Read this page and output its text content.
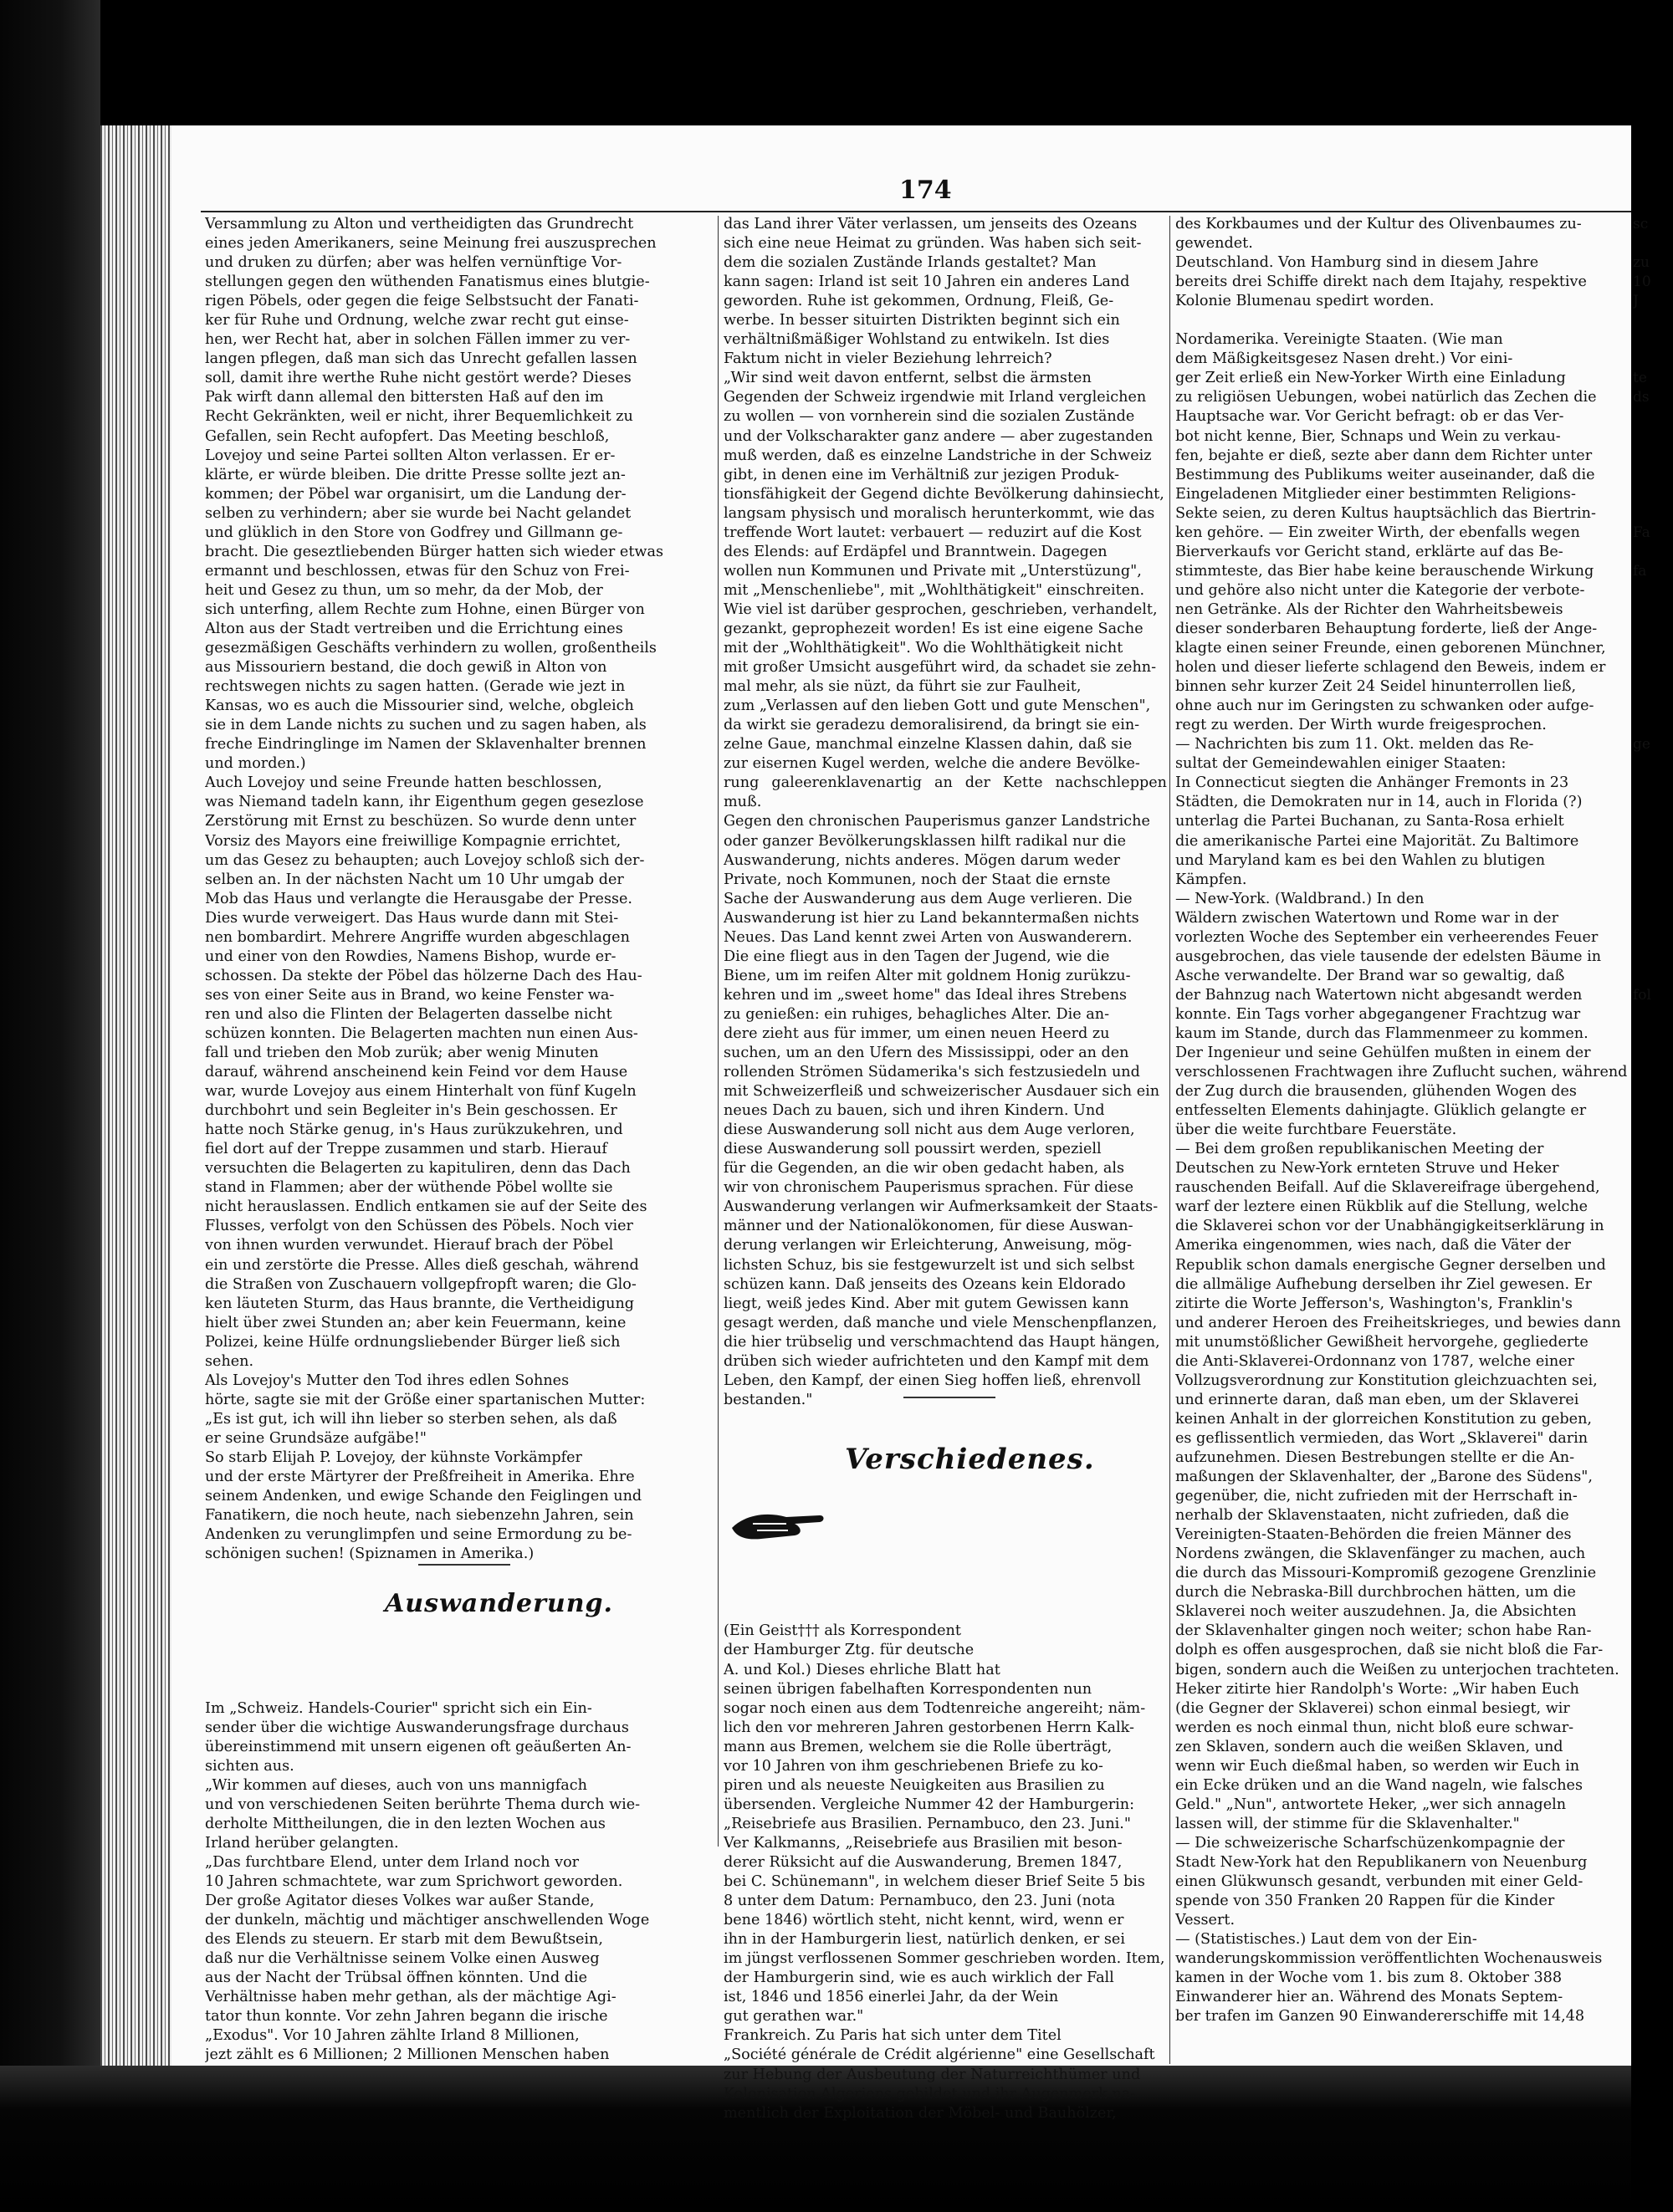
174

Versammlung zu Alton und vertheidigten das Grundrecht
eines jeden Amerikaners, seine Meinung frei auszusprechen
und druken zu dürfen; aber was helfen vernünftige Vor-
stellungen gegen den wüthenden Fanatismus eines blutgie-
rigen Pöbels, oder gegen die feige Selbstsucht der Fanati-
ker für Ruhe und Ordnung, welche zwar recht gut einse-
hen, wer Recht hat, aber in solchen Fällen immer zu ver-
langen pflegen, daß man sich das Unrecht gefallen lassen
soll, damit ihre werthe Ruhe nicht gestört werde? Dieses
Pak wirft dann allemal den bittersten Haß auf den im
Recht Gekränkten, weil er nicht, ihrer Bequemlichkeit zu
Gefallen, sein Recht aufopfert. Das Meeting beschloß,
Lovejoy und seine Partei sollten Alton verlassen. Er er-
klärte, er würde bleiben. Die dritte Presse sollte jezt an-
kommen; der Pöbel war organisirt, um die Landung der-
selben zu verhindern; aber sie wurde bei Nacht gelandet
und glüklich in den Store von Godfrey und Gillmann ge-
bracht. Die geseztliebenden Bürger hatten sich wieder etwas
ermannt und beschlossen, etwas für den Schuz von Frei-
heit und Gesez zu thun, um so mehr, da der Mob, der
sich unterfing, allem Rechte zum Hohne, einen Bürger von
Alton aus der Stadt vertreiben und die Errichtung eines
gesezmäßigen Geschäfts verhindern zu wollen, großentheils
aus Missouriern bestand, die doch gewiß in Alton von
rechtswegen nichts zu sagen hatten. (Gerade wie jezt in
Kansas, wo es auch die Missourier sind, welche, obgleich
sie in dem Lande nichts zu suchen und zu sagen haben, als
freche Eindringlinge im Namen der Sklavenhalter brennen
und morden.)
Auch Lovejoy und seine Freunde hatten beschlossen,
was Niemand tadeln kann, ihr Eigenthum gegen gesezlose
Zerstörung mit Ernst zu beschüzen. So wurde denn unter
Vorsiz des Mayors eine freiwillige Kompagnie errichtet,
um das Gesez zu behaupten; auch Lovejoy schloß sich der-
selben an. In der nächsten Nacht um 10 Uhr umgab der
Mob das Haus und verlangte die Herausgabe der Presse.
Dies wurde verweigert. Das Haus wurde dann mit Stei-
nen bombardirt. Mehrere Angriffe wurden abgeschlagen
und einer von den Rowdies, Namens Bishop, wurde er-
schossen. Da stekte der Pöbel das hölzerne Dach des Hau-
ses von einer Seite aus in Brand, wo keine Fenster wa-
ren und also die Flinten der Belagerten dasselbe nicht
schüzen konnten. Die Belagerten machten nun einen Aus-
fall und trieben den Mob zurük; aber wenig Minuten
darauf, während anscheinend kein Feind vor dem Hause
war, wurde Lovejoy aus einem Hinterhalt von fünf Kugeln
durchbohrt und sein Begleiter in's Bein geschossen. Er
hatte noch Stärke genug, in's Haus zurükzukehren, und
fiel dort auf der Treppe zusammen und starb. Hierauf
versuchten die Belagerten zu kapituliren, denn das Dach
stand in Flammen; aber der wüthende Pöbel wollte sie
nicht herauslassen. Endlich entkamen sie auf der Seite des
Flusses, verfolgt von den Schüssen des Pöbels. Noch vier
von ihnen wurden verwundet. Hierauf brach der Pöbel
ein und zerstörte die Presse. Alles dieß geschah, während
die Straßen von Zuschauern vollgepfropft waren; die Glo-
ken läuteten Sturm, das Haus brannte, die Vertheidigung
hielt über zwei Stunden an; aber kein Feuermann, keine
Polizei, keine Hülfe ordnungsliebender Bürger ließ sich
sehen.
Als Lovejoy's Mutter den Tod ihres edlen Sohnes
hörte, sagte sie mit der Größe einer spartanischen Mutter:
„Es ist gut, ich will ihn lieber so sterben sehen, als daß
er seine Grundsäze aufgäbe!"
So starb Elijah P. Lovejoy, der kühnste Vorkämpfer
und der erste Märtyrer der Preßfreiheit in Amerika. Ehre
seinem Andenken, und ewige Schande den Feiglingen und
Fanatikern, die noch heute, nach siebenzehn Jahren, sein
Andenken zu verunglimpfen und seine Ermordung zu be-
schönigen suchen! (Spiznamen in Amerika.)

Im „Schweiz. Handels-Courier" spricht sich ein Ein-
sender über die wichtige Auswanderungsfrage durchaus
übereinstimmend mit unsern eigenen oft geäußerten An-
sichten aus.
„Wir kommen auf dieses, auch von uns mannigfach
und von verschiedenen Seiten berührte Thema durch wie-
derholte Mittheilungen, die in den lezten Wochen aus
Irland herüber gelangten.
„Das furchtbare Elend, unter dem Irland noch vor
10 Jahren schmachtete, war zum Sprichwort geworden.
Der große Agitator dieses Volkes war außer Stande,
der dunkeln, mächtig und mächtiger anschwellenden Woge
des Elends zu steuern. Er starb mit dem Bewußtsein,
daß nur die Verhältnisse seinem Volke einen Ausweg
aus der Nacht der Trübsal öffnen könnten. Und die
Verhältnisse haben mehr gethan, als der mächtige Agi-
tator thun konnte. Vor zehn Jahren begann die irische
„Exodus". Vor 10 Jahren zählte Irland 8 Millionen,
jezt zählt es 6 Millionen; 2 Millionen Menschen haben

das Land ihrer Väter verlassen, um jenseits des Ozeans
sich eine neue Heimat zu gründen. Was haben sich seit-
dem die sozialen Zustände Irlands gestaltet? Man
kann sagen: Irland ist seit 10 Jahren ein anderes Land
geworden. Ruhe ist gekommen, Ordnung, Fleiß, Ge-
werbe. In besser situirten Distrikten beginnt sich ein
verhältnißmäßiger Wohlstand zu entwikeln. Ist dies
Faktum nicht in vieler Beziehung lehrreich?
„Wir sind weit davon entfernt, selbst die ärmsten
Gegenden der Schweiz irgendwie mit Irland vergleichen
zu wollen — von vornherein sind die sozialen Zustände
und der Volkscharakter ganz andere — aber zugestanden
muß werden, daß es einzelne Landstriche in der Schweiz
gibt, in denen eine im Verhältniß zur jezigen Produk-
tionsfähigkeit der Gegend dichte Bevölkerung dahinsiecht,
langsam physisch und moralisch herunterkommt, wie das
treffende Wort lautet: verbauert — reduzirt auf die Kost
des Elends: auf Erdäpfel und Branntwein. Dagegen
wollen nun Kommunen und Private mit „Unterstüzung",
mit „Menschenliebe", mit „Wohlthätigkeit" einschreiten.
Wie viel ist darüber gesprochen, geschrieben, verhandelt,
gezankt, geprophezeit worden! Es ist eine eigene Sache
mit der „Wohlthätigkeit". Wo die Wohlthätigkeit nicht
mit großer Umsicht ausgeführt wird, da schadet sie zehn-
mal mehr, als sie nüzt, da führt sie zur Faulheit,
zum „Verlassen auf den lieben Gott und gute Menschen",
da wirkt sie geradezu demoralisirend, da bringt sie ein-
zelne Gaue, manchmal einzelne Klassen dahin, daß sie
zur eisernen Kugel werden, welche die andere Bevölke-
rung galeerenklavenartig an der Kette nachschleppen muß.
Gegen den chronischen Pauperismus ganzer Landstriche
oder ganzer Bevölkerungsklassen hilft radikal nur die
Auswanderung, nichts anderes. Mögen darum weder
Private, noch Kommunen, noch der Staat die ernste
Sache der Auswanderung aus dem Auge verlieren. Die
Auswanderung ist hier zu Land bekanntermaßen nichts
Neues. Das Land kennt zwei Arten von Auswanderern.
Die eine fliegt aus in den Tagen der Jugend, wie die
Biene, um im reifen Alter mit goldnem Honig zurükzu-
kehren und im „sweet home" das Ideal ihres Strebens
zu genießen: ein ruhiges, behagliches Alter. Die an-
dere zieht aus für immer, um einen neuen Heerd zu
suchen, um an den Ufern des Mississippi, oder an den
rollenden Strömen Südamerika's sich festzusiedeln und
mit Schweizerfleiß und schweizerischer Ausdauer sich ein
neues Dach zu bauen, sich und ihren Kindern. Und
diese Auswanderung soll nicht aus dem Auge verloren,
diese Auswanderung soll poussirt werden, speziell
für die Gegenden, an die wir oben gedacht haben, als
wir von chronischem Pauperismus sprachen. Für diese
Auswanderung verlangen wir Aufmerksamkeit der Staats-
männer und der Nationalökonomen, für diese Auswan-
derung verlangen wir Erleichterung, Anweisung, mög-
lichsten Schuz, bis sie festgewurzelt ist und sich selbst
schüzen kann. Daß jenseits des Ozeans kein Eldorado
liegt, weiß jedes Kind. Aber mit gutem Gewissen kann
gesagt werden, daß manche und viele Menschenpflanzen,
die hier trübselig und verschmachtend das Haupt hängen,
drüben sich wieder aufrichteten und den Kampf mit dem
Leben, den Kampf, der einen Sieg hoffen ließ, ehrenvoll
bestanden."

(Ein Geist††† als Korrespondent
der Hamburger Ztg. für deutsche
A. und Kol.) Dieses ehrliche Blatt hat
seinen übrigen fabelhaften Korrespondenten nun
sogar noch einen aus dem Todtenreiche angereiht; näm-
lich den vor mehreren Jahren gestorbenen Herrn Kalk-
mann aus Bremen, welchem sie die Rolle überträgt,
vor 10 Jahren von ihm geschriebenen Briefe zu ko-
piren und als neueste Neuigkeiten aus Brasilien zu
übersenden. Vergleiche Nummer 42 der Hamburgerin:
„Reisebriefe aus Brasilien. Pernambuco, den 23. Juni."
Ver Kalkmanns, „Reisebriefe aus Brasilien mit beson-
derer Rüksicht auf die Auswanderung, Bremen 1847,
bei C. Schünemann", in welchem dieser Brief Seite 5 bis
8 unter dem Datum: Pernambuco, den 23. Juni (nota
bene 1846) wörtlich steht, nicht kennt, wird, wenn er
ihn in der Hamburgerin liest, natürlich denken, er sei
im jüngst verflossenen Sommer geschrieben worden. Item,
der Hamburgerin sind, wie es auch wirklich der Fall
ist, 1846 und 1856 einerlei Jahr, da der Wein
gut gerathen war."
Frankreich. Zu Paris hat sich unter dem Titel
„Société générale de Crédit algérienne" eine Gesellschaft
zur Hebung der Ausbeutung der Naturreichthümer und
Kolonisation Algeriens gebildet und ihr Augenmerk na-
mentlich der Exploitation der Möbel- und Bauhölzer,

des Korkbaumes und der Kultur des Olivenbaumes zu-
gewendet.
Deutschland. Von Hamburg sind in diesem Jahre
bereits drei Schiffe direkt nach dem Itajahy, respektive
Kolonie Blumenau spedirt worden.

Nordamerika. Vereinigte Staaten. (Wie man
dem Mäßigkeitsgesez Nasen dreht.) Vor eini-
ger Zeit erließ ein New-Yorker Wirth eine Einladung
zu religiösen Uebungen, wobei natürlich das Zechen die
Hauptsache war. Vor Gericht befragt: ob er das Ver-
bot nicht kenne, Bier, Schnaps und Wein zu verkau-
fen, bejahte er dieß, sezte aber dann dem Richter unter
Bestimmung des Publikums weiter auseinander, daß die
Eingeladenen Mitglieder einer bestimmten Religions-
Sekte seien, zu deren Kultus hauptsächlich das Biertrin-
ken gehöre. — Ein zweiter Wirth, der ebenfalls wegen
Bierverkaufs vor Gericht stand, erklärte auf das Be-
stimmteste, das Bier habe keine berauschende Wirkung
und gehöre also nicht unter die Kategorie der verbote-
nen Getränke. Als der Richter den Wahrheitsbeweis
dieser sonderbaren Behauptung forderte, ließ der Ange-
klagte einen seiner Freunde, einen geborenen Münchner,
holen und dieser lieferte schlagend den Beweis, indem er
binnen sehr kurzer Zeit 24 Seidel hinunterrollen ließ,
ohne auch nur im Geringsten zu schwanken oder aufge-
regt zu werden. Der Wirth wurde freigesprochen.
— Nachrichten bis zum 11. Okt. melden das Re-
sultat der Gemeindewahlen einiger Staaten:
In Connecticut siegten die Anhänger Fremonts in 23
Städten, die Demokraten nur in 14, auch in Florida (?)
unterlag die Partei Buchanan, zu Santa-Rosa erhielt
die amerikanische Partei eine Majorität. Zu Baltimore
und Maryland kam es bei den Wahlen zu blutigen
Kämpfen.
— New-York. (Waldbrand.) In den
Wäldern zwischen Watertown und Rome war in der
vorlezten Woche des September ein verheerendes Feuer
ausgebrochen, das viele tausende der edelsten Bäume in
Asche verwandelte. Der Brand war so gewaltig, daß
der Bahnzug nach Watertown nicht abgesandt werden
konnte. Ein Tags vorher abgegangener Frachtzug war
kaum im Stande, durch das Flammenmeer zu kommen.
Der Ingenieur und seine Gehülfen mußten in einem der
verschlossenen Frachtwagen ihre Zuflucht suchen, während
der Zug durch die brausenden, glühenden Wogen des
entfesselten Elements dahinjagte. Glüklich gelangte er
über die weite furchtbare Feuerstäte.
— Bei dem großen republikanischen Meeting der
Deutschen zu New-York ernteten Struve und Heker
rauschenden Beifall. Auf die Sklavereifrage übergehend,
warf der leztere einen Rükblik auf die Stellung, welche
die Sklaverei schon vor der Unabhängigkeitserklärung in
Amerika eingenommen, wies nach, daß die Väter der
Republik schon damals energische Gegner derselben und
die allmälige Aufhebung derselben ihr Ziel gewesen. Er
zitirte die Worte Jefferson's, Washington's, Franklin's
und anderer Heroen des Freiheitskrieges, und bewies dann
mit unumstößlicher Gewißheit hervorgehe, gegliederte
die Anti-Sklaverei-Ordonnanz von 1787, welche einer
Vollzugsverordnung zur Konstitution gleichzuachten sei,
und erinnerte daran, daß man eben, um der Sklaverei
keinen Anhalt in der glorreichen Konstitution zu geben,
es geflissentlich vermieden, das Wort „Sklaverei" darin
aufzunehmen. Diesen Bestrebungen stellte er die An-
maßungen der Sklavenhalter, der „Barone des Südens",
gegenüber, die, nicht zufrieden mit der Herrschaft in-
nerhalb der Sklavenstaaten, nicht zufrieden, daß die
Vereinigten-Staaten-Behörden die freien Männer des
Nordens zwängen, die Sklavenfänger zu machen, auch
die durch das Missouri-Kompromiß gezogene Grenzlinie
durch die Nebraska-Bill durchbrochen hätten, um die
Sklaverei noch weiter auszudehnen. Ja, die Absichten
der Sklavenhalter gingen noch weiter; schon habe Ran-
dolph es offen ausgesprochen, daß sie nicht bloß die Far-
bigen, sondern auch die Weißen zu unterjochen trachteten.
Heker zitirte hier Randolph's Worte: „Wir haben Euch
(die Gegner der Sklaverei) schon einmal besiegt, wir
werden es noch einmal thun, nicht bloß eure schwar-
zen Sklaven, sondern auch die weißen Sklaven, und
wenn wir Euch dießmal haben, so werden wir Euch in
ein Ecke drüken und an die Wand nageln, wie falsches
Geld." „Nun", antwortete Heker, „wer sich annageln
lassen will, der stimme für die Sklavenhalter."
— Die schweizerische Scharfschüzenkompagnie der
Stadt New-York hat den Republikanern von Neuenburg
einen Glükwunsch gesandt, verbunden mit einer Geld-
spende von 350 Franken 20 Rappen für die Kinder
Vessert.
— (Statistisches.) Laut dem von der Ein-
wanderungskommission veröffentlichten Wochenausweis
kamen in der Woche vom 1. bis zum 8. Oktober 388
Einwanderer hier an. Während des Monats Septem-
ber trafen im Ganzen 90 Einwandererschiffe mit 14,48

sc

zu
10
J

te
ds

Fa

fa

ge

fol

Auswanderung.
Verschiedenes.
